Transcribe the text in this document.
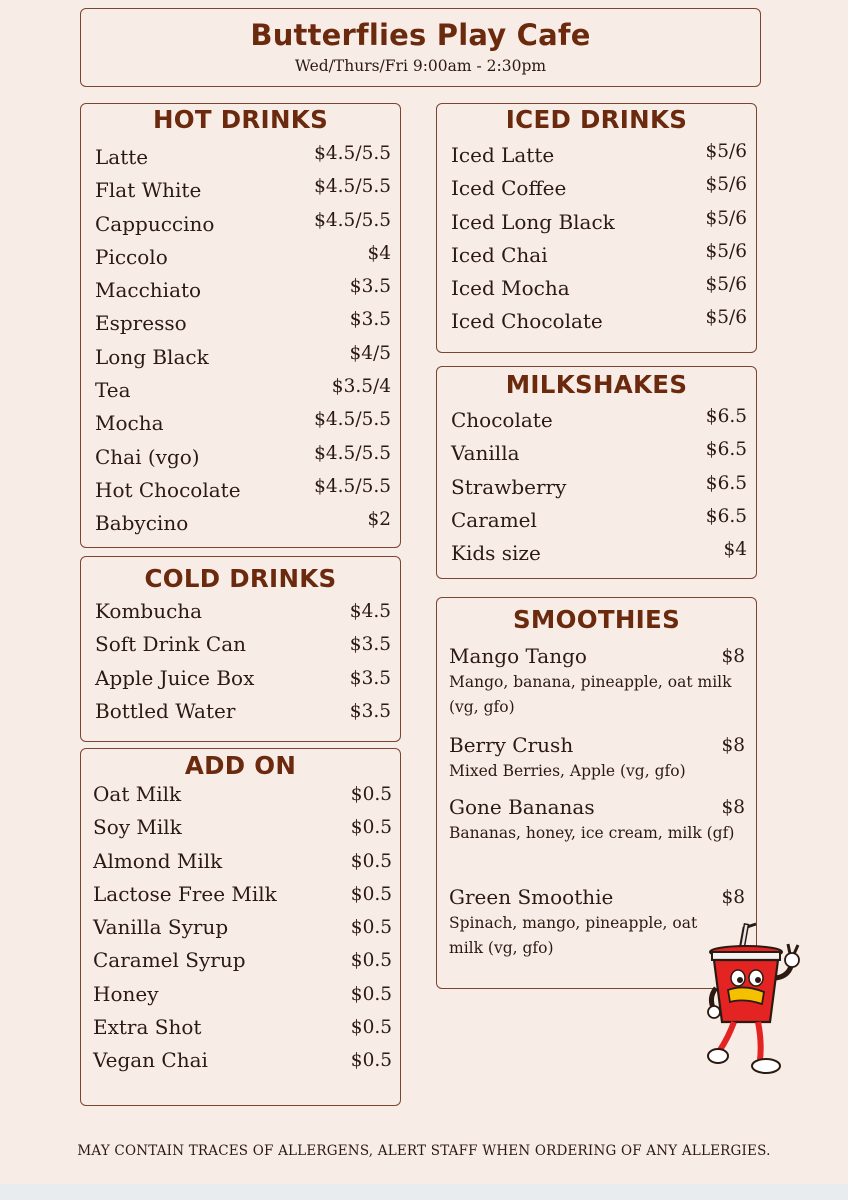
Butterflies Play Cafe
Wed/Thurs/Fri 9:00am - 2:30pm
HOT DRINKS
Latte	$4.5/5.5
Flat White	$4.5/5.5
Cappuccino	$4.5/5.5
Piccolo	$4
Macchiato	$3.5
Espresso	$3.5
Long Black	$4/5
Tea	$3.5/4
Mocha	$4.5/5.5
Chai (vgo)	$4.5/5.5
Hot Chocolate	$4.5/5.5
Babycino	$2
COLD DRINKS
Kombucha	$4.5
Soft Drink Can	$3.5
Apple Juice Box	$3.5
Bottled Water	$3.5
ADD ON
Oat Milk	$0.5
Soy Milk	$0.5
Almond Milk	$0.5
Lactose Free Milk	$0.5
Vanilla Syrup	$0.5
Caramel Syrup	$0.5
Honey	$0.5
Extra Shot	$0.5
Vegan Chai	$0.5
ICED DRINKS
Iced Latte	$5/6
Iced Coffee	$5/6
Iced Long Black	$5/6
Iced Chai	$5/6
Iced Mocha	$5/6
Iced Chocolate	$5/6
MILKSHAKES
Chocolate	$6.5
Vanilla	$6.5
Strawberry	$6.5
Caramel	$6.5
Kids size	$4
SMOOTHIES
Mango Tango	$8
Mango, banana, pineapple, oat milk (vg, gfo)
Berry Crush	$8
Mixed Berries, Apple (vg, gfo)
Gone Bananas	$8
Bananas, honey, ice cream, milk (gf)
Green Smoothie	$8
Spinach, mango, pineapple, oat milk (vg, gfo)
MAY CONTAIN TRACES OF ALLERGENS, ALERT STAFF WHEN ORDERING OF ANY ALLERGIES.
